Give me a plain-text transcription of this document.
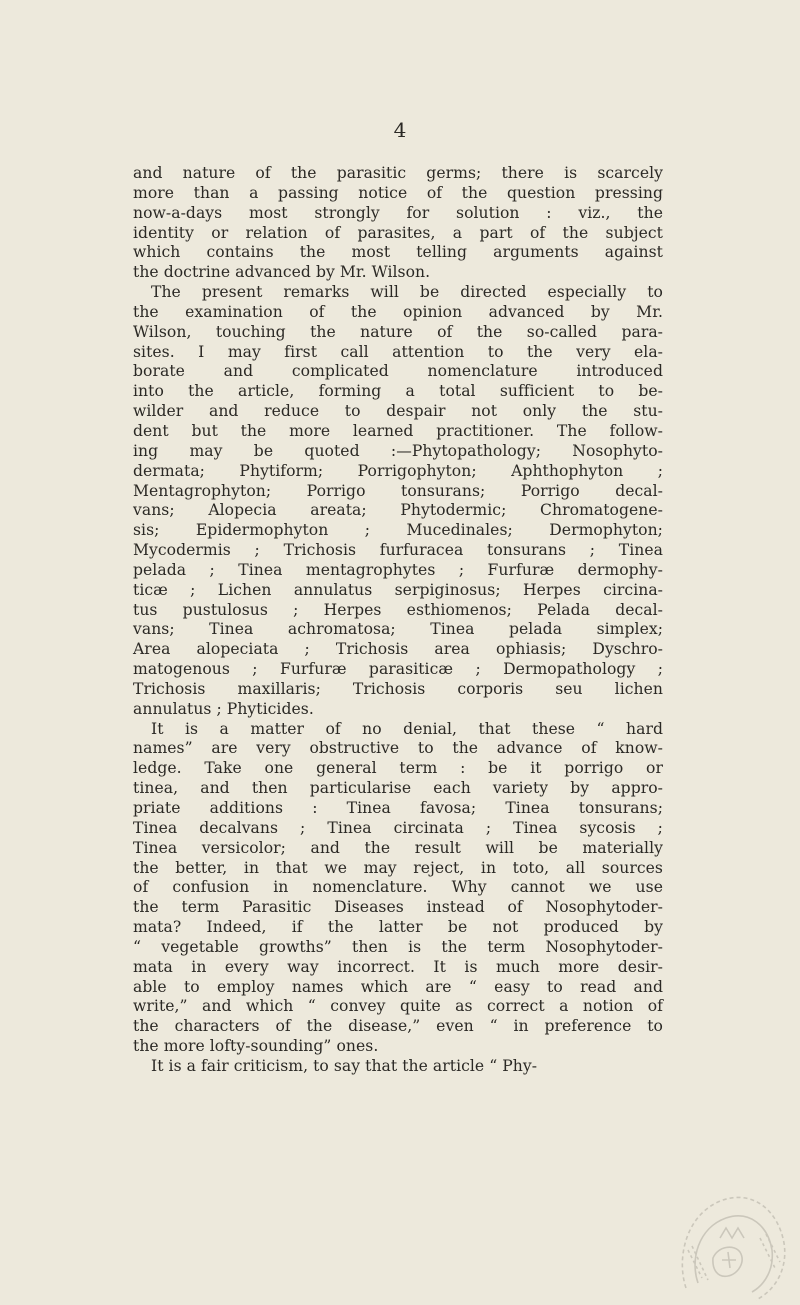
4
and nature of the parasitic germs; there is scarcely
more than a passing notice of the question pressing
now-a-days most strongly for solution : viz., the
identity or relation of parasites, a part of the subject
which contains the most telling arguments against
the doctrine advanced by Mr. Wilson.
The present remarks will be directed especially to
the examination of the opinion advanced by Mr.
Wilson, touching the nature of the so-called para-
sites. I may first call attention to the very ela-
borate and complicated nomenclature introduced
into the article, forming a total sufficient to be-
wilder and reduce to despair not only the stu-
dent but the more learned practitioner. The follow-
ing may be quoted :—Phytopathology; Nosophyto-
dermata; Phytiform; Porrigophyton; Aphthophyton ;
Mentagrophyton; Porrigo tonsurans; Porrigo decal-
vans; Alopecia areata; Phytodermic; Chromatogene-
sis; Epidermophyton ; Mucedinales; Dermophyton;
Mycodermis ; Trichosis furfuracea tonsurans ; Tinea
pelada ; Tinea mentagrophytes ; Furfuræ dermophy-
ticæ ; Lichen annulatus serpiginosus; Herpes circina-
tus pustulosus ; Herpes esthiomenos; Pelada decal-
vans; Tinea achromatosa; Tinea pelada simplex;
Area alopeciata ; Trichosis area ophiasis; Dyschro-
matogenous ; Furfuræ parasiticæ ; Dermopathology ;
Trichosis maxillaris; Trichosis corporis seu lichen
annulatus ; Phyticides.
It is a matter of no denial, that these “ hard
names” are very obstructive to the advance of know-
ledge. Take one general term : be it porrigo or
tinea, and then particularise each variety by appro-
priate additions : Tinea favosa; Tinea tonsurans;
Tinea decalvans ; Tinea circinata ; Tinea sycosis ;
Tinea versicolor; and the result will be materially
the better, in that we may reject, in toto, all sources
of confusion in nomenclature. Why cannot we use
the term Parasitic Diseases instead of Nosophytoder-
mata? Indeed, if the latter be not produced by
“ vegetable growths” then is the term Nosophytoder-
mata in every way incorrect. It is much more desir-
able to employ names which are “ easy to read and
write,” and which “ convey quite as correct a notion of
the characters of the disease,” even “ in preference to
the more lofty-sounding” ones.
It is a fair criticism, to say that the article “ Phy-
